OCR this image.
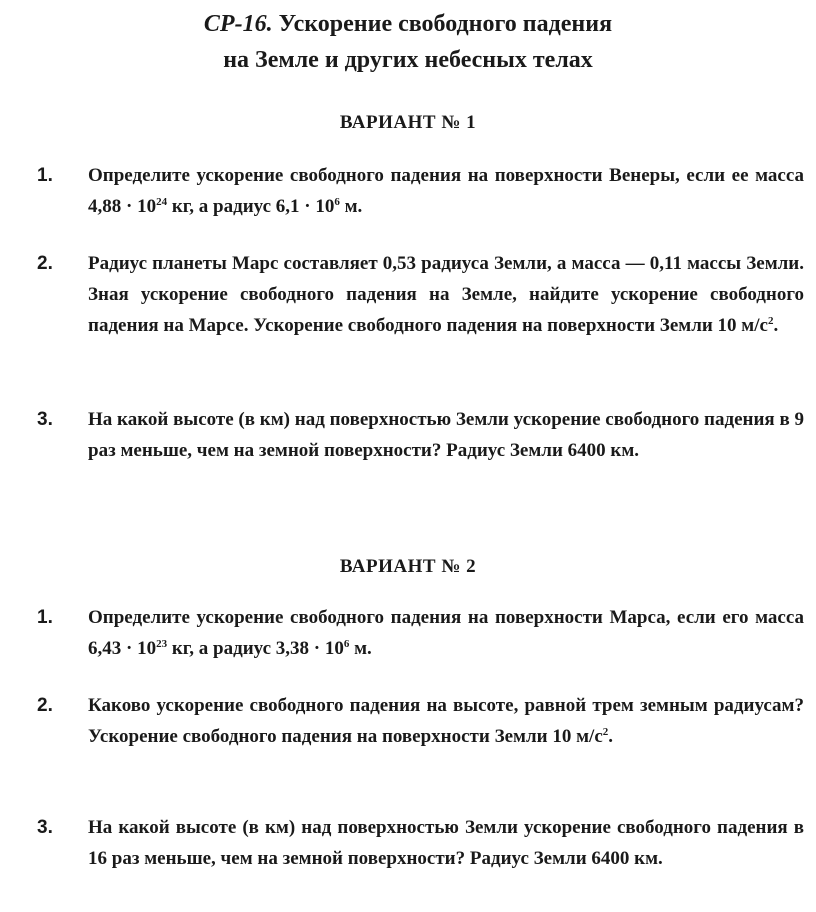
СР-16. Ускорение свободного падения
на Земле и других небесных телах
ВАРИАНТ № 1
1. Определите ускорение свободного падения на поверхности Венеры, если ее масса $4,88 \cdot 10^{24}$ кг, а радиус $6,1 \cdot 10^6$ м.
2. Радиус планеты Марс составляет 0,53 радиуса Земли, а масса — 0,11 массы Земли. Зная ускорение свободного падения на Земле, найдите ускорение свободного падения на Марсе. Ускорение свободного падения на поверхности Земли 10 $м/с^2$.
3. На какой высоте (в км) над поверхностью Земли ускорение свободного падения в 9 раз меньше, чем на земной поверхности? Радиус Земли 6400 км.
ВАРИАНТ № 2
1. Определите ускорение свободного падения на поверхности Марса, если его масса $6,43 \cdot 10^{23}$ кг, а радиус $3,38 \cdot 10^6$ м.
2. Каково ускорение свободного падения на высоте, равной трем земным радиусам? Ускорение свободного падения на поверхности Земли 10 $м/с^2$.
3. На какой высоте (в км) над поверхностью Земли ускорение свободного падения в 16 раз меньше, чем на земной поверхности? Радиус Земли 6400 км.
